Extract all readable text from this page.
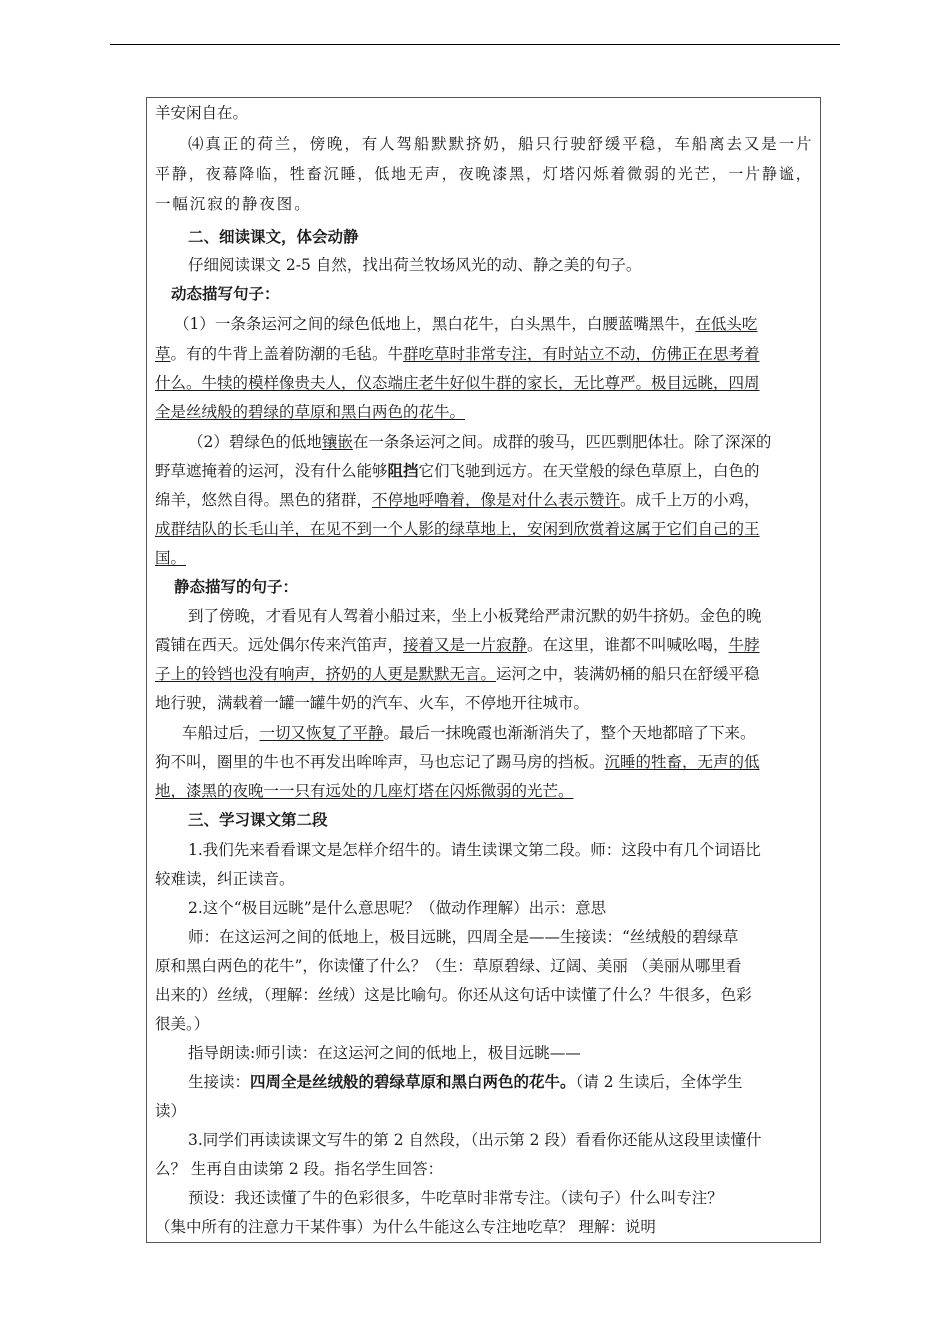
羊安闲自在。
⑷真正的荷兰，傍晚，有人驾船默默挤奶，船只行驶舒缓平稳，车船离去又是一片
平静，夜幕降临，牲畜沉睡，低地无声，夜晚漆黑，灯塔闪烁着微弱的光芒，一片静谧，
一幅沉寂的静夜图。
二、细读课文，体会动静
仔细阅读课文 2-5 自然，找出荷兰牧场风光的动、静之美的句子。
动态描写句子：
（1）一条条运河之间的绿色低地上，黑白花牛，白头黑牛，白腰蓝嘴黑牛，在低头吃
草。有的牛背上盖着防潮的毛毡。牛群吃草时非常专注，有时站立不动，仿佛正在思考着
什么。牛犊的模样像贵夫人，仪态端庄老牛好似牛群的家长，无比尊严。极目远眺，四周
全是丝绒般的碧绿的草原和黑白两色的花牛。
（2）碧绿色的低地镶嵌在一条条运河之间。成群的骏马，匹匹剽肥体壮。除了深深的
野草遮掩着的运河，没有什么能够阻挡它们飞驰到远方。在天堂般的绿色草原上，白色的
绵羊，悠然自得。黑色的猪群，不停地呼噜着，像是对什么表示赞许。成千上万的小鸡，
成群结队的长毛山羊，在见不到一个人影的绿草地上，安闲到欣赏着这属于它们自己的王
国。
静态描写的句子：
到了傍晚，才看见有人驾着小船过来，坐上小板凳给严肃沉默的奶牛挤奶。金色的晚
霞铺在西天。远处偶尔传来汽笛声，接着又是一片寂静。在这里，谁都不叫喊吆喝，牛脖
子上的铃铛也没有响声，挤奶的人更是默默无言。运河之中，装满奶桶的船只在舒缓平稳
地行驶，满载着一罐一罐牛奶的汽车、火车，不停地开往城市。
车船过后，一切又恢复了平静。最后一抹晚霞也渐渐消失了，整个天地都暗了下来。
狗不叫，圈里的牛也不再发出哞哞声，马也忘记了踢马房的挡板。沉睡的牲畜，无声的低
地，漆黑的夜晚一一只有远处的几座灯塔在闪烁微弱的光芒。
三、学习课文第二段
1.我们先来看看课文是怎样介绍牛的。请生读课文第二段。师：这段中有几个词语比
较难读，纠正读音。
2.这个“极目远眺”是什么意思呢？（做动作理解）出示：意思
师：在这运河之间的低地上，极目远眺，四周全是——生接读：“丝绒般的碧绿草
原和黑白两色的花牛”，你读懂了什么？（生：草原碧绿、辽阔、美丽 （美丽从哪里看
出来的）丝绒，（理解：丝绒）这是比喻句。你还从这句话中读懂了什么？牛很多，色彩
很美。）
指导朗读:师引读：在这运河之间的低地上，极目远眺——
生接读：四周全是丝绒般的碧绿草原和黑白两色的花牛。（请 2 生读后，全体学生
读）
3.同学们再读读课文写牛的第 2 自然段，（出示第 2 段）看看你还能从这段里读懂什
么？ 生再自由读第 2 段。指名学生回答：
预设：我还读懂了牛的色彩很多，牛吃草时非常专注。（读句子）什么叫专注？
（集中所有的注意力干某件事）为什么牛能这么专注地吃草？ 理解：说明
